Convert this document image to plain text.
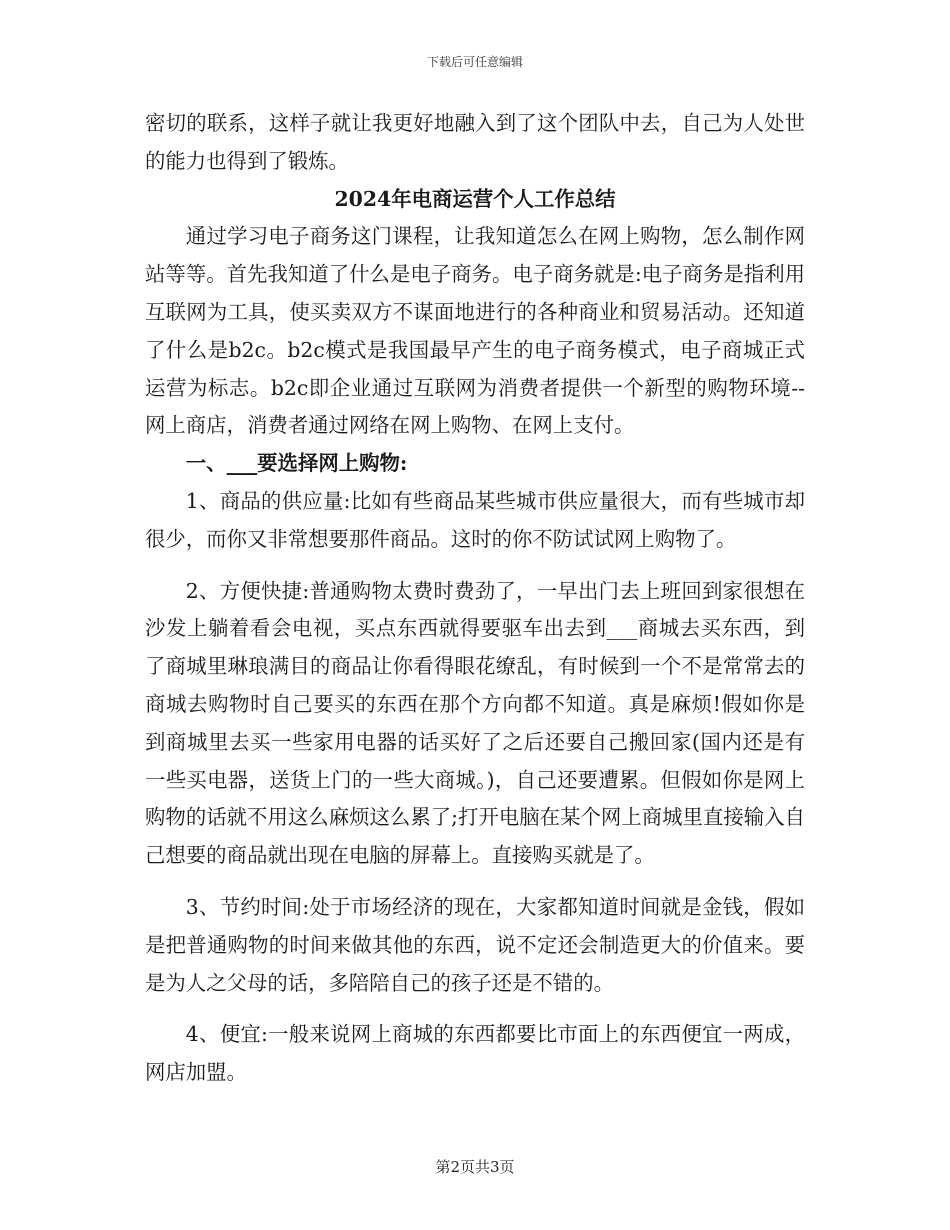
下载后可任意编辑

密切的联系，这样子就让我更好地融入到了这个团队中去，自己为人处世的能力也得到了锻炼。

2024年电商运营个人工作总结

通过学习电子商务这门课程，让我知道怎么在网上购物，怎么制作网站等等。首先我知道了什么是电子商务。电子商务就是:电子商务是指利用互联网为工具，使买卖双方不谋面地进行的各种商业和贸易活动。还知道了什么是b2c。b2c模式是我国最早产生的电子商务模式，电子商城正式运营为标志。b2c即企业通过互联网为消费者提供一个新型的购物环境--网上商店，消费者通过网络在网上购物、在网上支付。

一、___要选择网上购物:

1、商品的供应量:比如有些商品某些城市供应量很大，而有些城市却很少，而你又非常想要那件商品。这时的你不防试试网上购物了。

2、方便快捷:普通购物太费时费劲了，一早出门去上班回到家很想在沙发上躺着看会电视，买点东西就得要驱车出去到___商城去买东西，到了商城里琳琅满目的商品让你看得眼花缭乱，有时候到一个不是常常去的商城去购物时自己要买的东西在那个方向都不知道。真是麻烦!假如你是到商城里去买一些家用电器的话买好了之后还要自己搬回家(国内还是有一些买电器，送货上门的一些大商城。)，自己还要遭累。但假如你是网上购物的话就不用这么麻烦这么累了;打开电脑在某个网上商城里直接输入自己想要的商品就出现在电脑的屏幕上。直接购买就是了。

3、节约时间:处于市场经济的现在，大家都知道时间就是金钱，假如是把普通购物的时间来做其他的东西，说不定还会制造更大的价值来。要是为人之父母的话，多陪陪自己的孩子还是不错的。

4、便宜:一般来说网上商城的东西都要比市面上的东西便宜一两成，网店加盟。

第2页共3页
